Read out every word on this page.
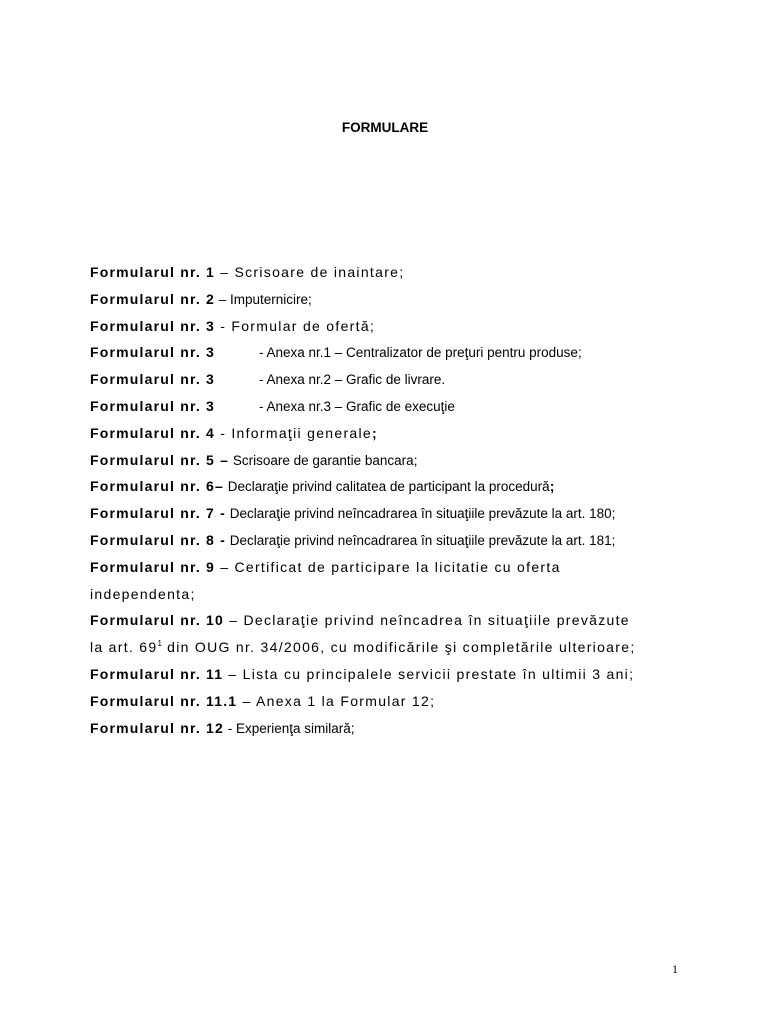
FORMULARE
Formularul nr. 1 – Scrisoare de inaintare;
Formularul nr. 2 – Imputernicire;
Formularul nr. 3 - Formular de ofertă;
Formularul nr. 3	- Anexa nr.1 – Centralizator de preţuri pentru produse;
Formularul nr. 3	- Anexa nr.2 – Grafic de livrare.
Formularul nr. 3	- Anexa nr.3 – Grafic de execuţie
Formularul nr. 4 - Informaţii generale;
Formularul nr. 5 – Scrisoare de garantie bancara;
Formularul nr. 6– Declaraţie privind calitatea de participant la procedură;
Formularul nr. 7 - Declaraţie privind neîncadrarea în situaţiile prevăzute la art. 180;
Formularul nr. 8 - Declaraţie privind neîncadrarea în situaţiile prevăzute la art. 181;
Formularul nr. 9 – Certificat de participare la licitatie cu oferta
independenta;
Formularul nr. 10 – Declaraţie privind neîncadrea în situaţiile prevăzute
la art. $69^1$ din OUG nr. 34/2006, cu modificările şi completările ulterioare;
Formularul nr. 11 – Lista cu principalele servicii prestate în ultimii 3 ani;
Formularul nr. 11.1 – Anexa 1 la Formular 12;
Formularul nr. 12 - Experienţa similară;
1
